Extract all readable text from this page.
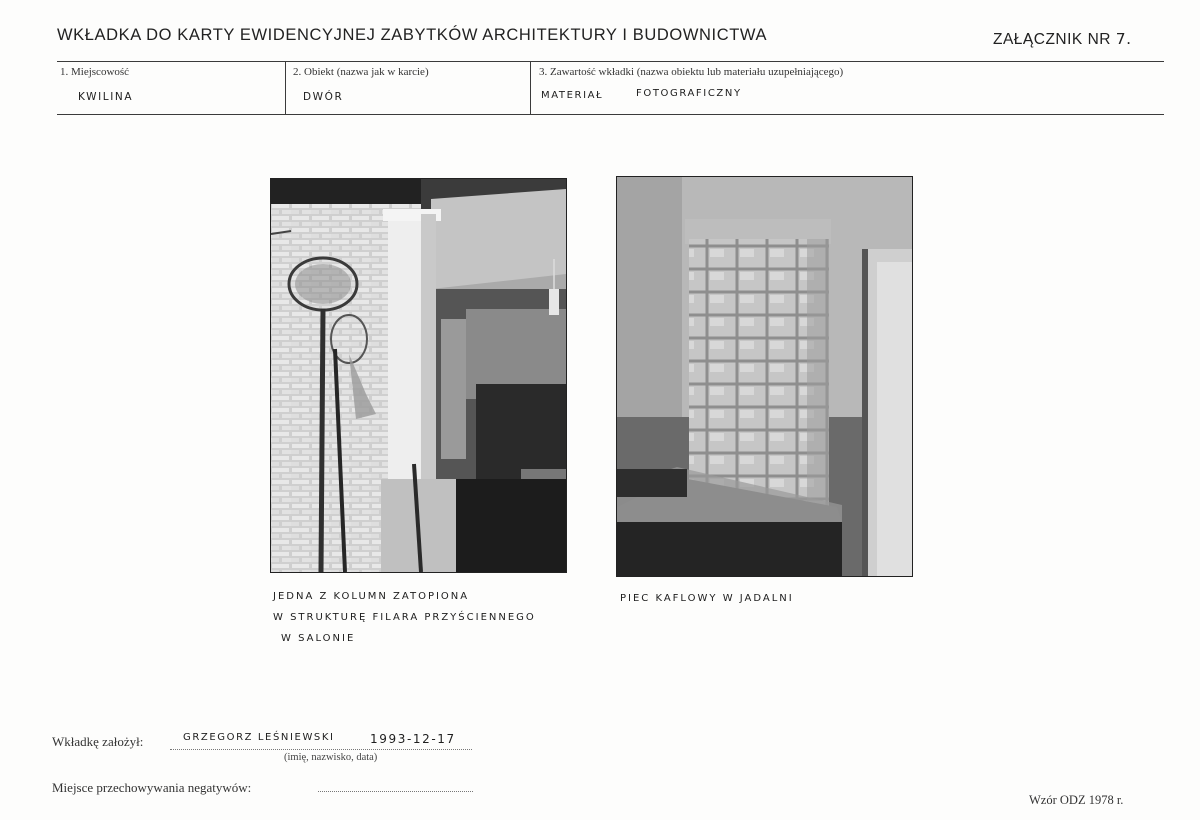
WKŁADKA DO KARTY EWIDENCYJNEJ ZABYTKÓW ARCHITEKTURY I BUDOWNICTWA	ZAŁĄCZNIK NR 7.
1. Miejscowość
KWILINA
2. Obiekt (nazwa jak w karcie)
DWÓR
3. Zawartość wkładki (nazwa obiektu lub materiału uzupełniającego)
MATERIAŁ	FOTOGRAFICZNY
JEDNA Z KOLUMN ZATOPIONA
W STRUKTURĘ FILARA PRZYŚCIENNEGO
W SALONIE
PIEC KAFLOWY W JADALNI
Wkładkę założył:	GRZEGORZ LEŚNIEWSKI	1993-12-17
(imię, nazwisko, data)
Miejsce przechowywania negatywów:
Wzór ODZ 1978 r.
